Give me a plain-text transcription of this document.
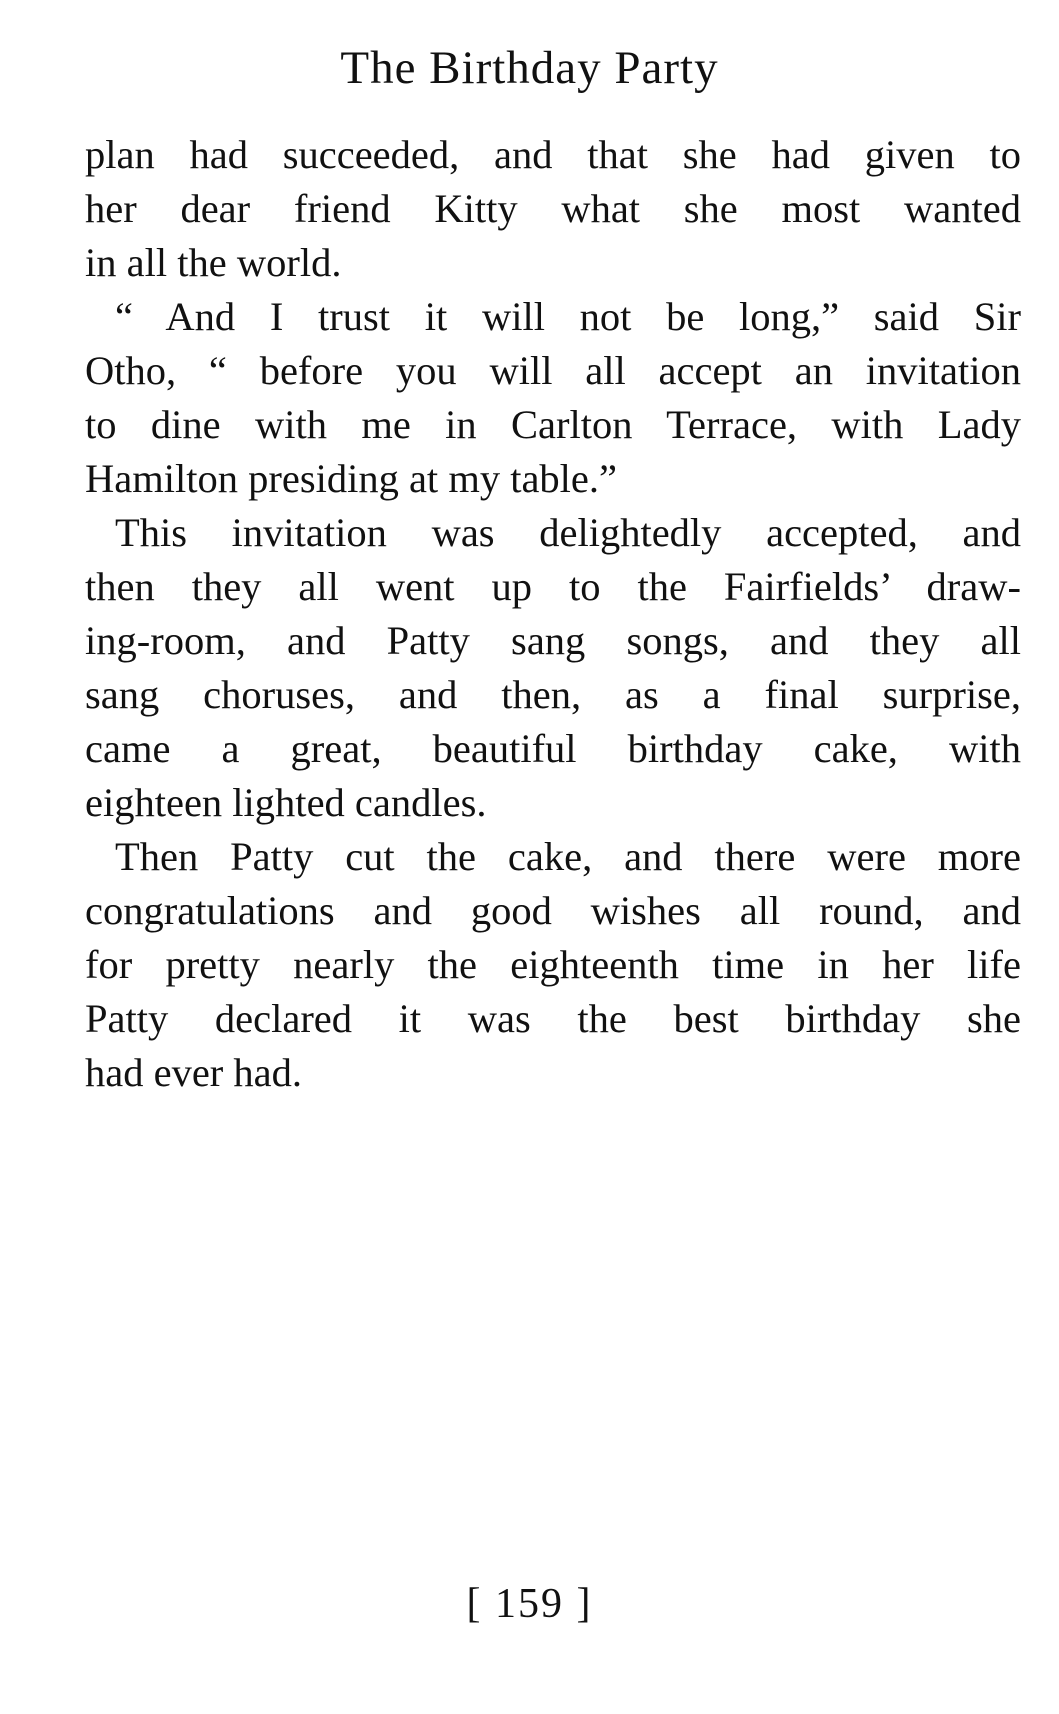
The Birthday Party

plan had succeeded, and that she had given to
her dear friend Kitty what she most wanted
in all the world.

“ And I trust it will not be long,” said Sir
Otho, “ before you will all accept an invitation
to dine with me in Carlton Terrace, with Lady
Hamilton presiding at my table.”

This invitation was delightedly accepted, and
then they all went up to the Fairfields’ draw-
ing-room, and Patty sang songs, and they all
sang choruses, and then, as a final surprise,
came a great, beautiful birthday cake, with
eighteen lighted candles.

Then Patty cut the cake, and there were more
congratulations and good wishes all round, and
for pretty nearly the eighteenth time in her life
Patty declared it was the best birthday she
had ever had.

[ 159 ]
